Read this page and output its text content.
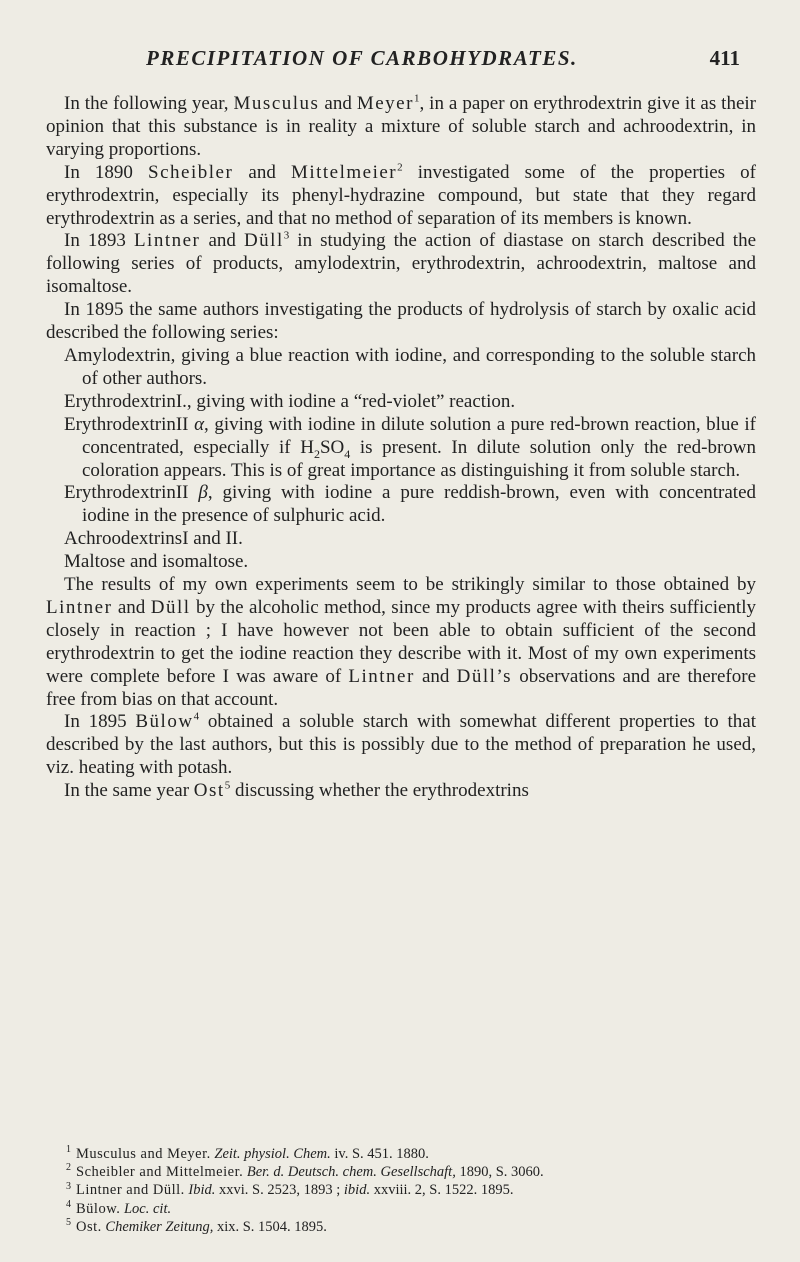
PRECIPITATION OF CARBOHYDRATES.	411

In the following year, Musculus and Meyer$^1$, in a paper on erythrodextrin give it as their opinion that this substance is in reality a mixture of soluble starch and achroodextrin, in varying proportions.

In 1890 Scheibler and Mittelmeier$^2$ investigated some of the properties of erythrodextrin, especially its phenyl-hydrazine compound, but state that they regard erythrodextrin as a series, and that no method of separation of its members is known.

In 1893 Lintner and Düll$^3$ in studying the action of diastase on starch described the following series of products, amylodextrin, erythrodextrin, achroodextrin, maltose and isomaltose.

In 1895 the same authors investigating the products of hydrolysis of starch by oxalic acid described the following series:

Amylodextrin, giving a blue reaction with iodine, and corresponding to the soluble starch of other authors.

ErythrodextrinI., giving with iodine a “red-violet” reaction.

ErythrodextrinII α, giving with iodine in dilute solution a pure red-brown reaction, blue if concentrated, especially if $H_2SO_4$ is present. In dilute solution only the red-brown coloration appears. This is of great importance as distinguishing it from soluble starch.

ErythrodextrinII β, giving with iodine a pure reddish-brown, even with concentrated iodine in the presence of sulphuric acid.

AchroodextrinsI and II.

Maltose and isomaltose.

The results of my own experiments seem to be strikingly similar to those obtained by Lintner and Düll by the alcoholic method, since my products agree with theirs sufficiently closely in reaction ; I have however not been able to obtain sufficient of the second erythrodextrin to get the iodine reaction they describe with it. Most of my own experiments were complete before I was aware of Lintner and Düll’s observations and are therefore free from bias on that account.

In 1895 Bülow$^4$ obtained a soluble starch with somewhat different properties to that described by the last authors, but this is possibly due to the method of preparation he used, viz. heating with potash.

In the same year Ost$^5$ discussing whether the erythrodextrins

$^1$ Musculus and Meyer. Zeit. physiol. Chem. iv. S. 451. 1880.

$^2$ Scheibler and Mittelmeier. Ber. d. Deutsch. chem. Gesellschaft, 1890, S. 3060.

$^3$ Lintner and Düll. Ibid. xxvi. S. 2523, 1893 ; ibid. xxviii. 2, S. 1522. 1895.

$^4$ Bülow. Loc. cit.

$^5$ Ost. Chemiker Zeitung, xix. S. 1504. 1895.
